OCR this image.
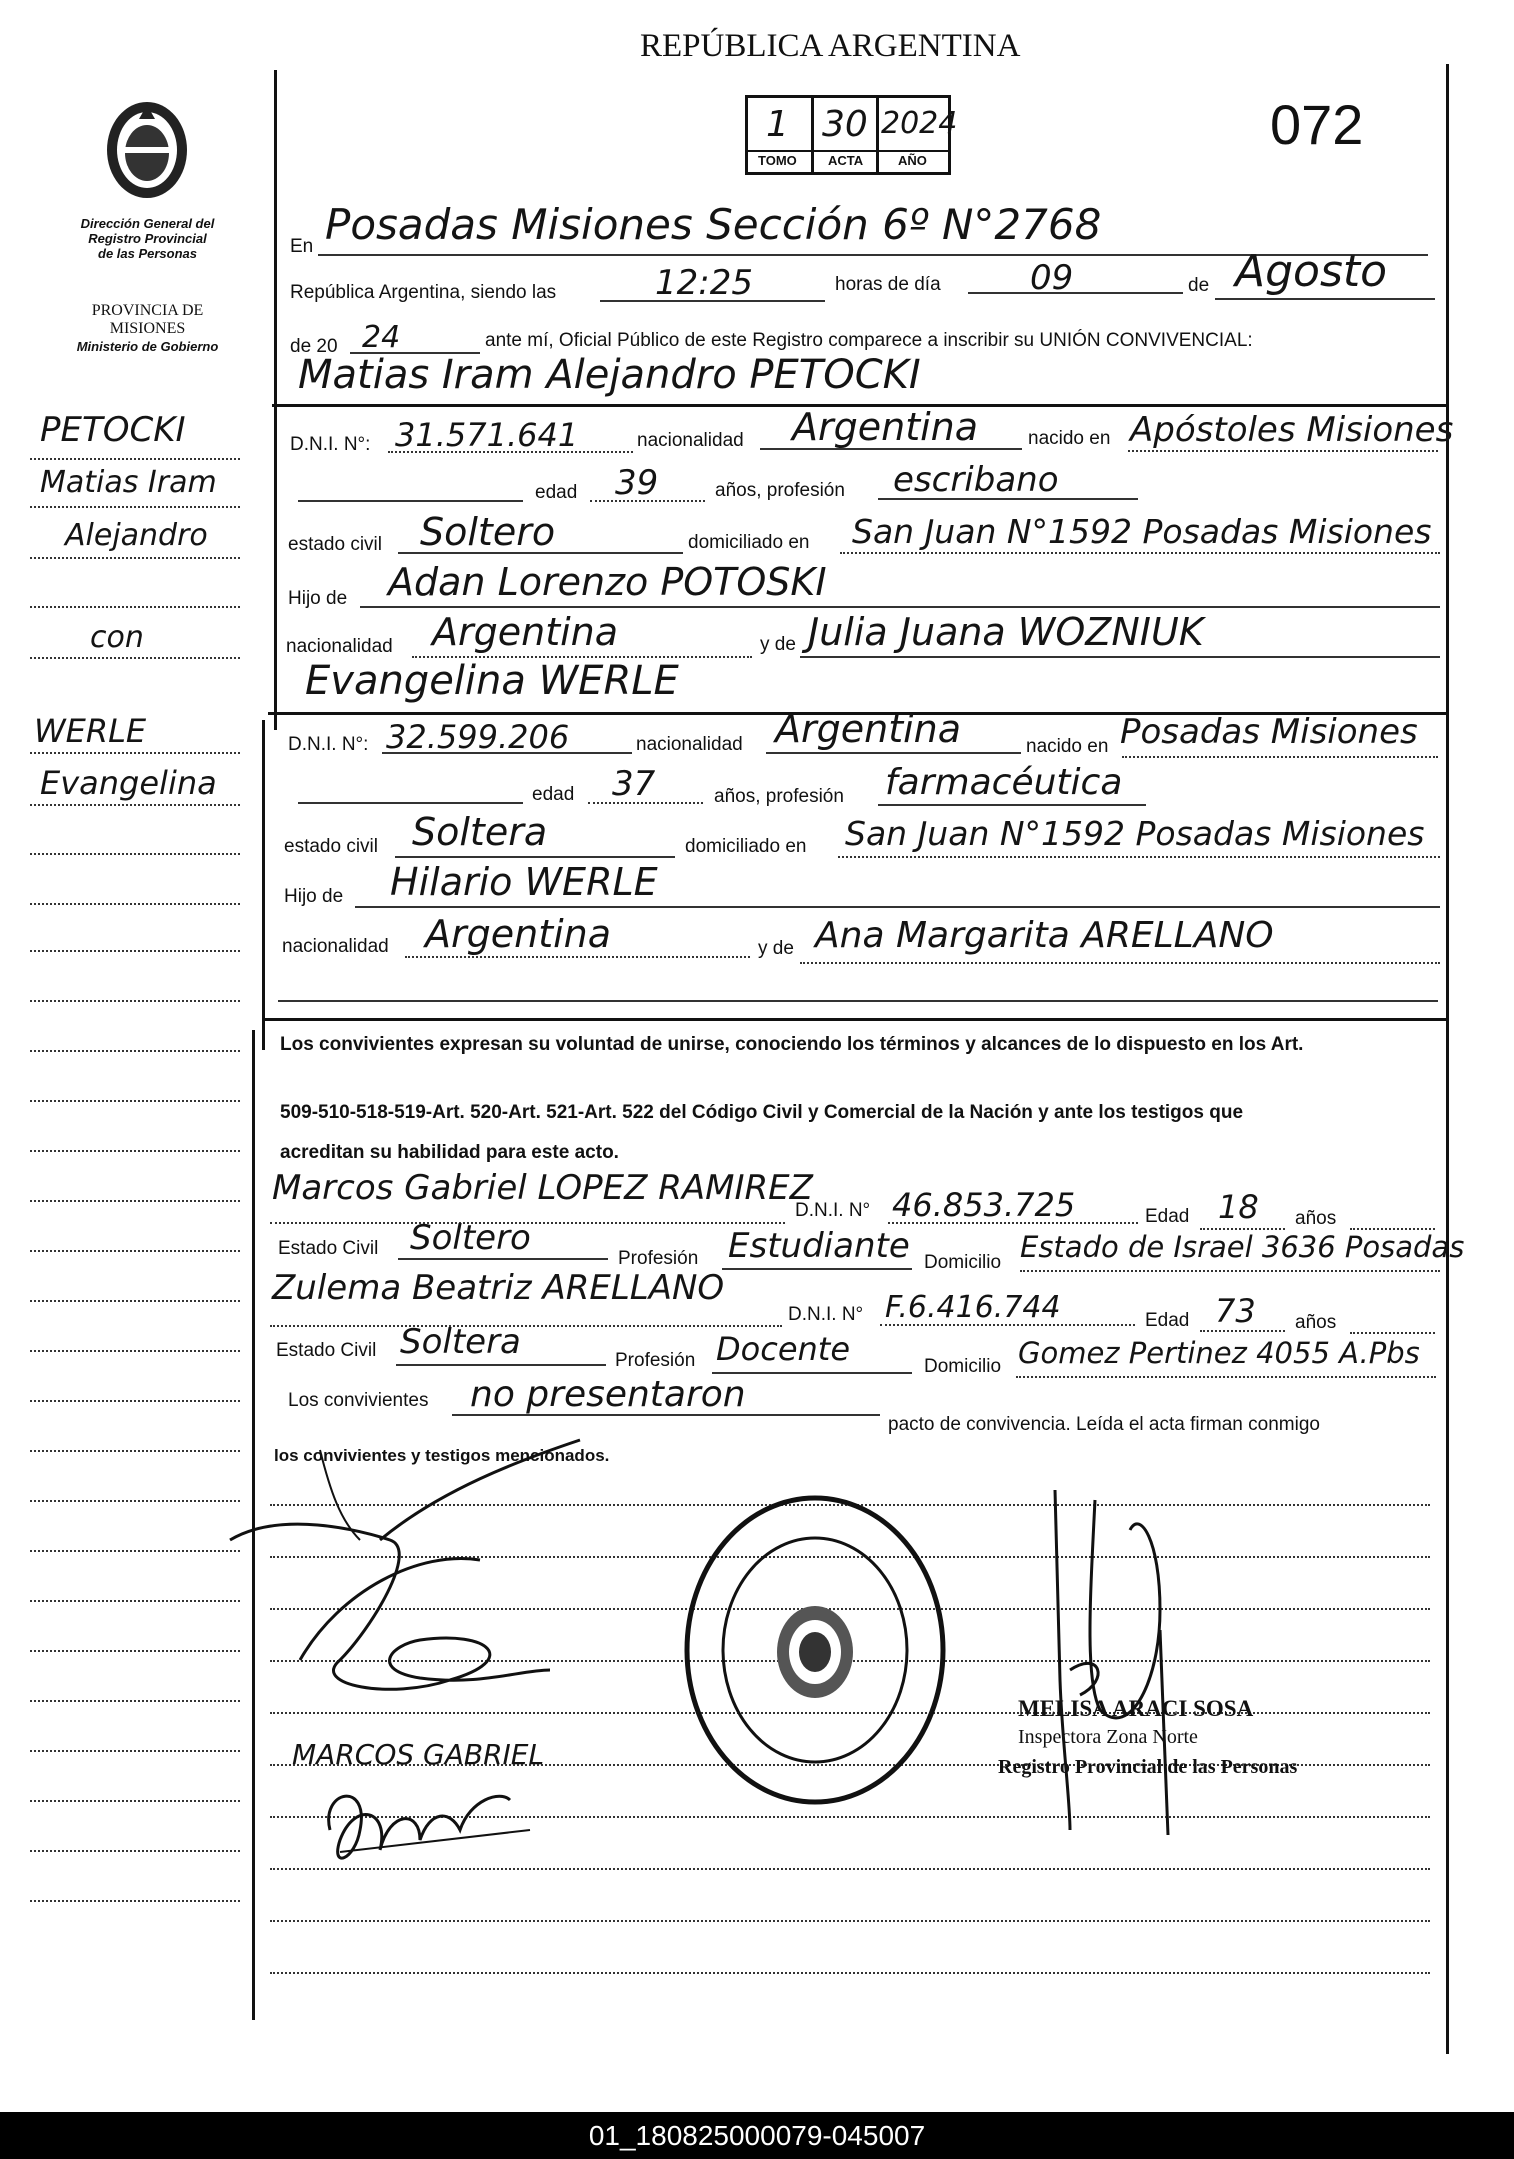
REPÚBLICA ARGENTINA
1 30 2024
TOMO ACTA	AÑO
072
Dirección General del
Registro Provincial
de las Personas
PROVINCIA DE
MISIONES
Ministerio de Gobierno
PETOCKI
Matias Iram
Alejandro
con
WERLE
Evangelina
En Posadas Misiones Sección 6º N°2768
República Argentina, siendo las	12:25	horas de día	09	de Agosto
de 20 24	ante mí, Oficial Público de este Registro comparece a inscribir su UNIÓN CONVIVENCIAL:
Matias Iram Alejandro PETOCKI
D.N.I. N°: 31.571.641	nacionalidad Argentina	nacido en Apóstoles Misiones
edad 39	años, profesión escribano
estado civil Soltero	domiciliado en San Juan N°1592 Posadas Misiones
Hijo de Adan Lorenzo POTOSKI
nacionalidad Argentina	y de Julia Juana WOZNIUK
Evangelina WERLE
D.N.I. N°: 32.599.206	nacionalidad Argentina	nacido en Posadas Misiones
edad 37	años, profesión farmacéutica
estado civil Soltera	domiciliado en San Juan N°1592 Posadas Misiones
Hijo de Hilario WERLE
nacionalidad Argentina	y de Ana Margarita ARELLANO
Los convivientes expresan su voluntad de unirse, conociendo los términos y alcances de lo dispuesto en los Art.
509-510-518-519-Art. 520-Art. 521-Art. 522 del Código Civil y Comercial de la Nación y ante los testigos que
acreditan su habilidad para este acto.
Marcos Gabriel LOPEZ RAMIREZ
D.N.I. N° 46.853.725	Edad 18 años
Estado Civil Soltero
Profesión Estudiante Domicilio Estado de Israel 3636 Posadas
Zulema Beatriz ARELLANO
D.N.I. N° F.6.416.744	Edad 73 años
Estado Civil Soltera	Profesión Docente	Domicilio Gomez Pertinez 4055 A.Pbs
Los convivientes no presentaron
pacto de convivencia. Leída el acta firman conmigo
los convivientes y testigos mencionados.
MARCOS GABRIEL
MELISA ARACI SOSA
Inspectora Zona Norte
Registro Provincial de las Personas
01_180825000079-045007
